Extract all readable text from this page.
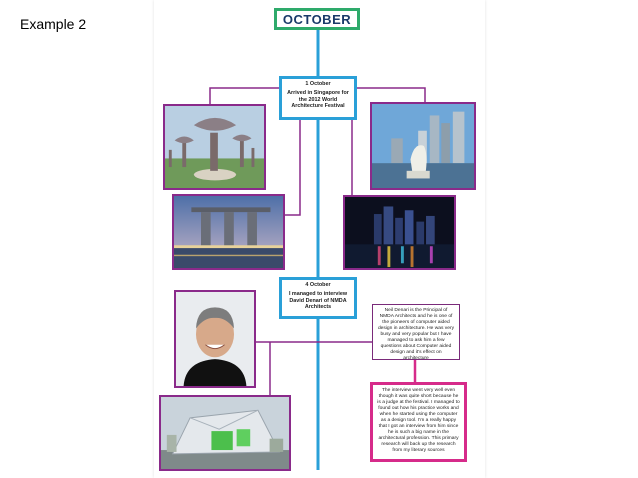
Example 2	OCTOBER
1 October
Arrived in Singapore for the 2012 World Architecture Festival
4 October
I managed to interview David Denari of NMDA Architects
Neil Denari is the Principal of NMDA Architects and he is one of the pioneers of computer aided design in architecture. He was very busy and very popular but I have managed to ask him a few questions about Computer aided design and it's effect on architecture
The interview went very well even though it was quite short because he is a judge at the festival. I managed to found out how his practice works and when he started using the computer as a design tool. I'm a really happy that I got an interview from him since he is such a big name in the architectural profession. This primary research will back up the research from my literary sources
